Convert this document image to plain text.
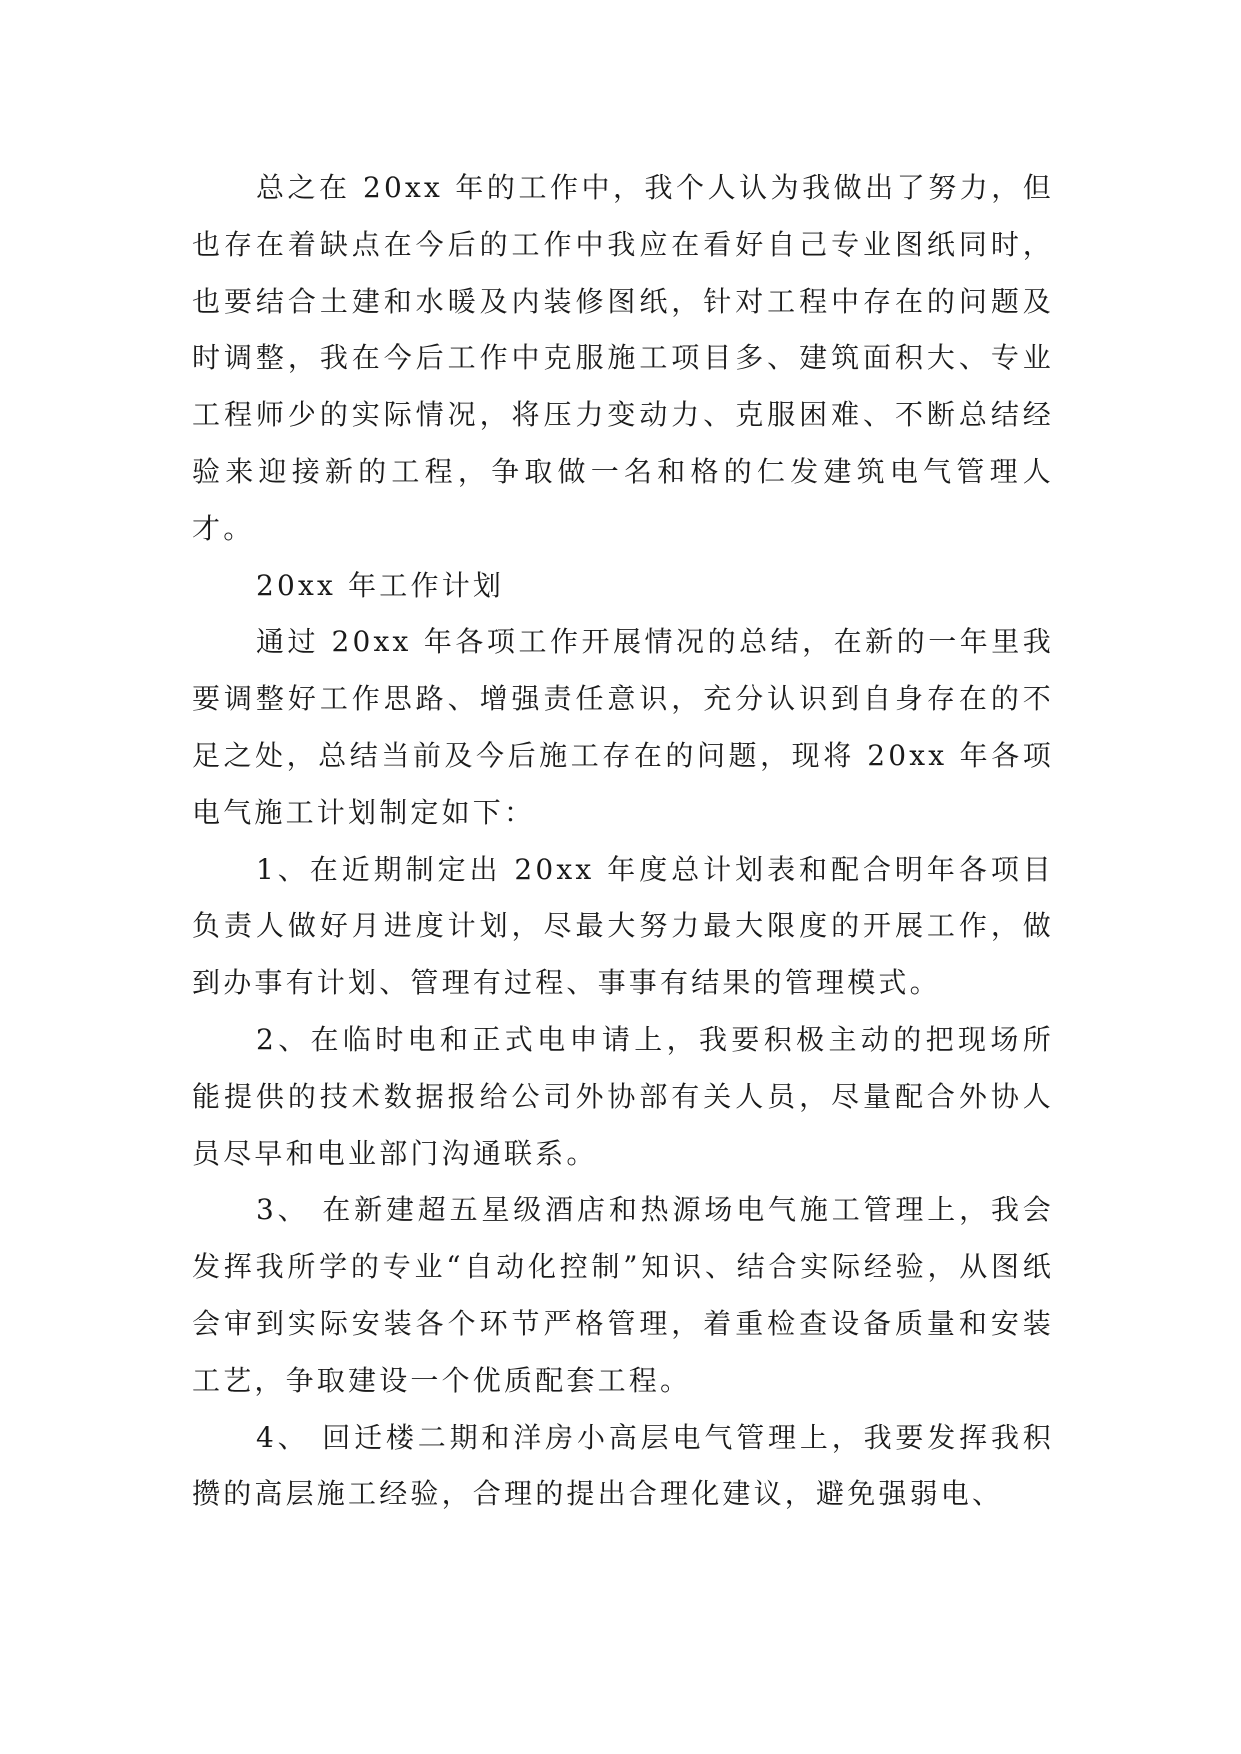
总之在 20xx 年的工作中，我个人认为我做出了努力，但也存在着缺点在今后的工作中我应在看好自己专业图纸同时，也要结合土建和水暖及内装修图纸，针对工程中存在的问题及时调整，我在今后工作中克服施工项目多、建筑面积大、专业工程师少的实际情况，将压力变动力、克服困难、不断总结经验来迎接新的工程，争取做一名和格的仁发建筑电气管理人才。

20xx 年工作计划

通过 20xx 年各项工作开展情况的总结，在新的一年里我要调整好工作思路、增强责任意识，充分认识到自身存在的不足之处，总结当前及今后施工存在的问题，现将 20xx 年各项电气施工计划制定如下：

1、在近期制定出 20xx 年度总计划表和配合明年各项目负责人做好月进度计划，尽最大努力最大限度的开展工作，做到办事有计划、管理有过程、事事有结果的管理模式。

2、在临时电和正式电申请上，我要积极主动的把现场所能提供的技术数据报给公司外协部有关人员，尽量配合外协人员尽早和电业部门沟通联系。

3、 在新建超五星级酒店和热源场电气施工管理上，我会发挥我所学的专业“自动化控制”知识、结合实际经验，从图纸会审到实际安装各个环节严格管理，着重检查设备质量和安装工艺，争取建设一个优质配套工程。

4、 回迁楼二期和洋房小高层电气管理上，我要发挥我积攒的高层施工经验，合理的提出合理化建议，避免强弱电、
